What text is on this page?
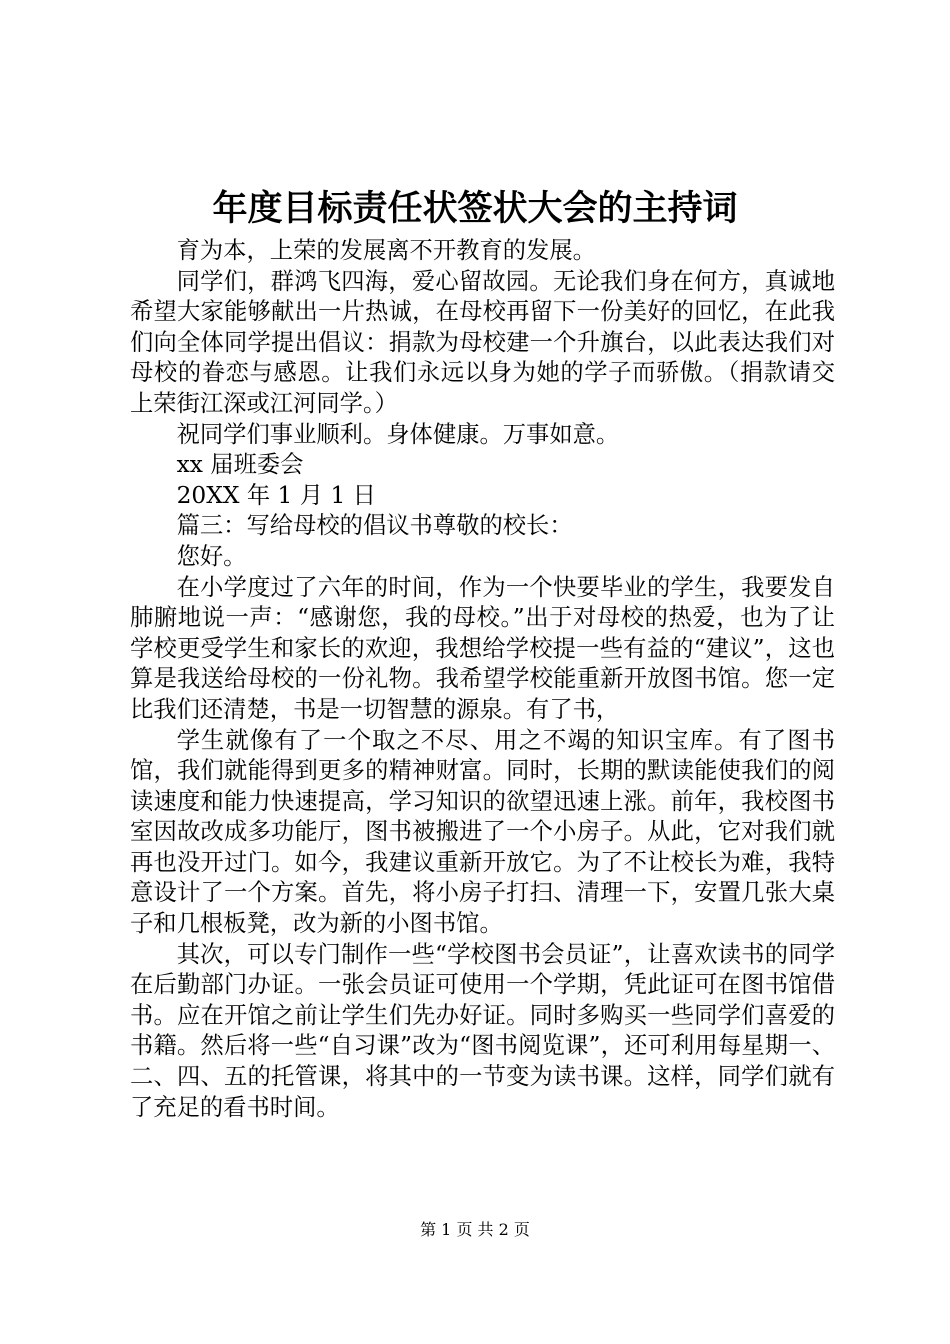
年度目标责任状签状大会的主持词

育为本，上荣的发展离不开教育的发展。

同学们，群鸿飞四海，爱心留故园。无论我们身在何方，真诚地希望大家能够献出一片热诚，在母校再留下一份美好的回忆，在此我们向全体同学提出倡议：捐款为母校建一个升旗台，以此表达我们对母校的眷恋与感恩。让我们永远以身为她的学子而骄傲。（捐款请交上荣街江深或江河同学。）

祝同学们事业顺利。身体健康。万事如意。

xx 届班委会

20XX 年 1 月 1 日

篇三：写给母校的倡议书尊敬的校长：

您好。

在小学度过了六年的时间，作为一个快要毕业的学生，我要发自肺腑地说一声：“感谢您，我的母校。”出于对母校的热爱，也为了让学校更受学生和家长的欢迎，我想给学校提一些有益的“建议”，这也算是我送给母校的一份礼物。我希望学校能重新开放图书馆。您一定比我们还清楚，书是一切智慧的源泉。有了书，

学生就像有了一个取之不尽、用之不竭的知识宝库。有了图书馆，我们就能得到更多的精神财富。同时，长期的默读能使我们的阅读速度和能力快速提高，学习知识的欲望迅速上涨。前年，我校图书室因故改成多功能厅，图书被搬进了一个小房子。从此，它对我们就再也没开过门。如今，我建议重新开放它。为了不让校长为难，我特意设计了一个方案。首先，将小房子打扫、清理一下，安置几张大桌子和几根板凳，改为新的小图书馆。

其次，可以专门制作一些“学校图书会员证”，让喜欢读书的同学在后勤部门办证。一张会员证可使用一个学期，凭此证可在图书馆借书。应在开馆之前让学生们先办好证。同时多购买一些同学们喜爱的书籍。然后将一些“自习课”改为“图书阅览课”，还可利用每星期一、二、四、五的托管课，将其中的一节变为读书课。这样，同学们就有了充足的看书时间。

第 1 页 共 2 页
